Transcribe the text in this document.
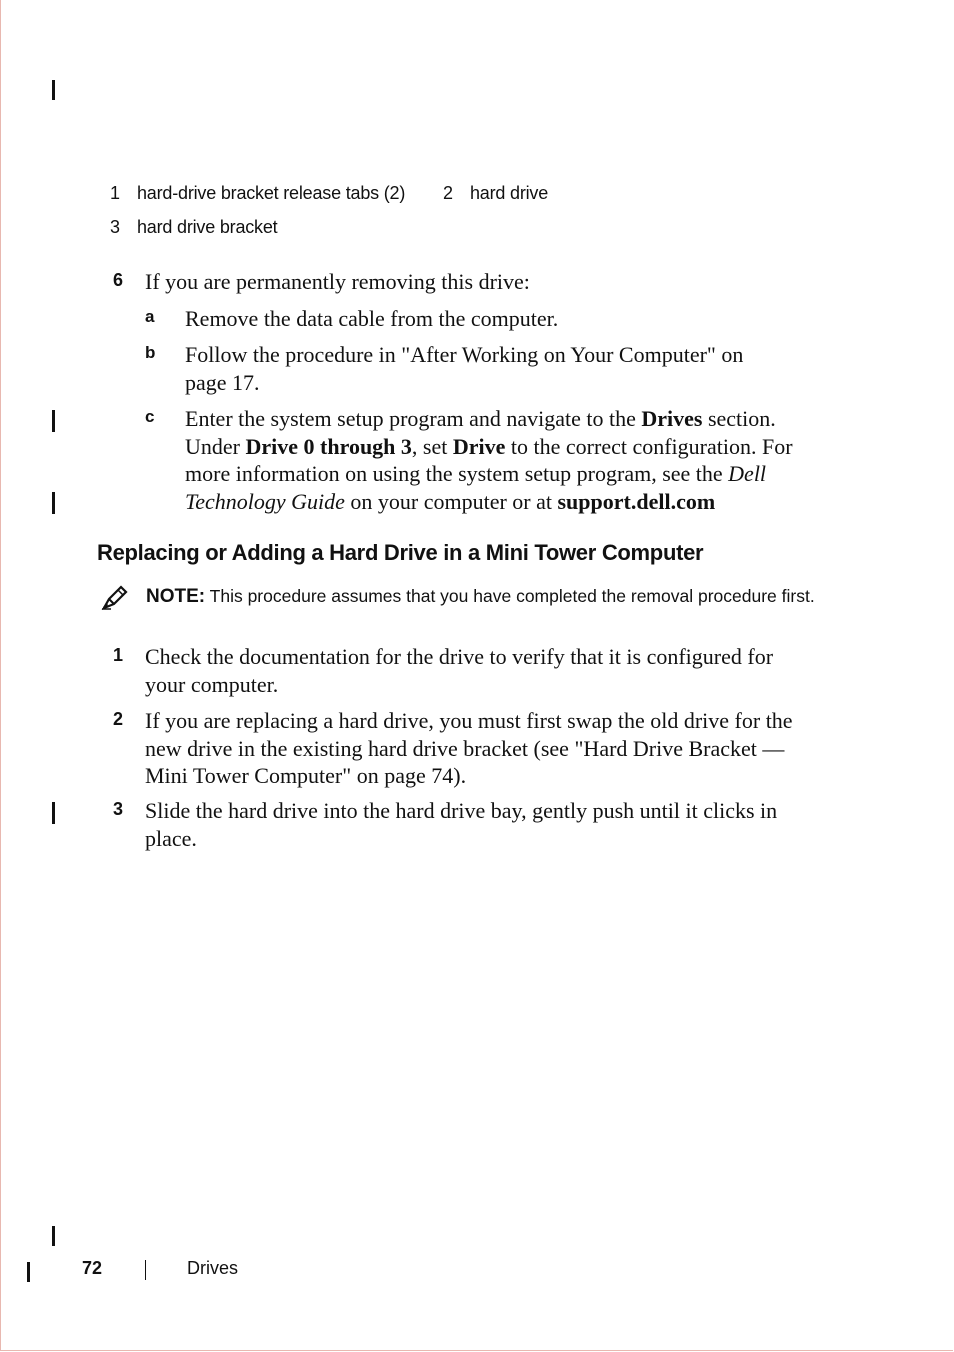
1 hard-drive bracket release tabs (2) 2 hard drive
3 hard drive bracket
6 If you are permanently removing this drive:
a Remove the data cable from the computer.
b Follow the procedure in "After Working on Your Computer" on
page 17.
c Enter the system setup program and navigate to the Drives section. Under Drive 0 through 3, set Drive to the correct configuration. For more information on using the system setup program, see the Dell Technology Guide on your computer or at support.dell.com
Replacing or Adding a Hard Drive in a Mini Tower Computer
NOTE: This procedure assumes that you have completed the removal procedure first.
1 Check the documentation for the drive to verify that it is configured for your computer.
2 If you are replacing a hard drive, you must first swap the old drive for the new drive in the existing hard drive bracket (see "Hard Drive Bracket — Mini Tower Computer" on page 74).
3 Slide the hard drive into the hard drive bay, gently push until it clicks in place.
72	Drives
